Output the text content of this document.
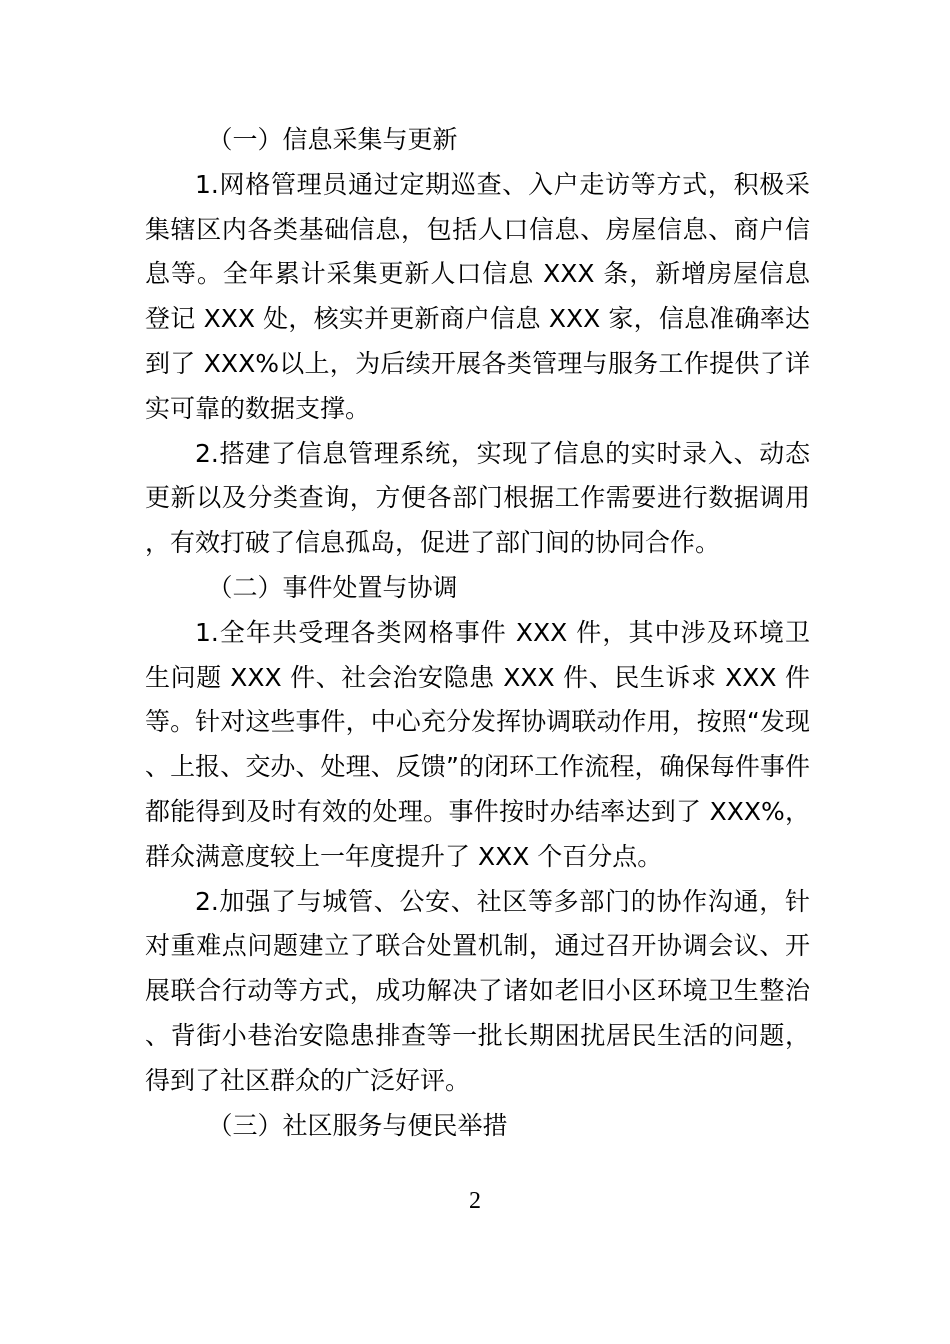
（一）信息采集与更新

1.网格管理员通过定期巡查、入户走访等方式，积极采集辖区内各类基础信息，包括人口信息、房屋信息、商户信息等。全年累计采集更新人口信息 XXX 条，新增房屋信息登记 XXX 处，核实并更新商户信息 XXX 家，信息准确率达到了 XXX%以上，为后续开展各类管理与服务工作提供了详实可靠的数据支撑。

2.搭建了信息管理系统，实现了信息的实时录入、动态更新以及分类查询，方便各部门根据工作需要进行数据调用，有效打破了信息孤岛，促进了部门间的协同合作。

（二）事件处置与协调

1.全年共受理各类网格事件 XXX 件，其中涉及环境卫生问题 XXX 件、社会治安隐患 XXX 件、民生诉求 XXX 件等。针对这些事件，中心充分发挥协调联动作用，按照“发现、上报、交办、处理、反馈”的闭环工作流程，确保每件事件都能得到及时有效的处理。事件按时办结率达到了 XXX%，群众满意度较上一年度提升了 XXX 个百分点。

2.加强了与城管、公安、社区等多部门的协作沟通，针对重难点问题建立了联合处置机制，通过召开协调会议、开展联合行动等方式，成功解决了诸如老旧小区环境卫生整治、背街小巷治安隐患排查等一批长期困扰居民生活的问题，得到了社区群众的广泛好评。

（三）社区服务与便民举措

2
